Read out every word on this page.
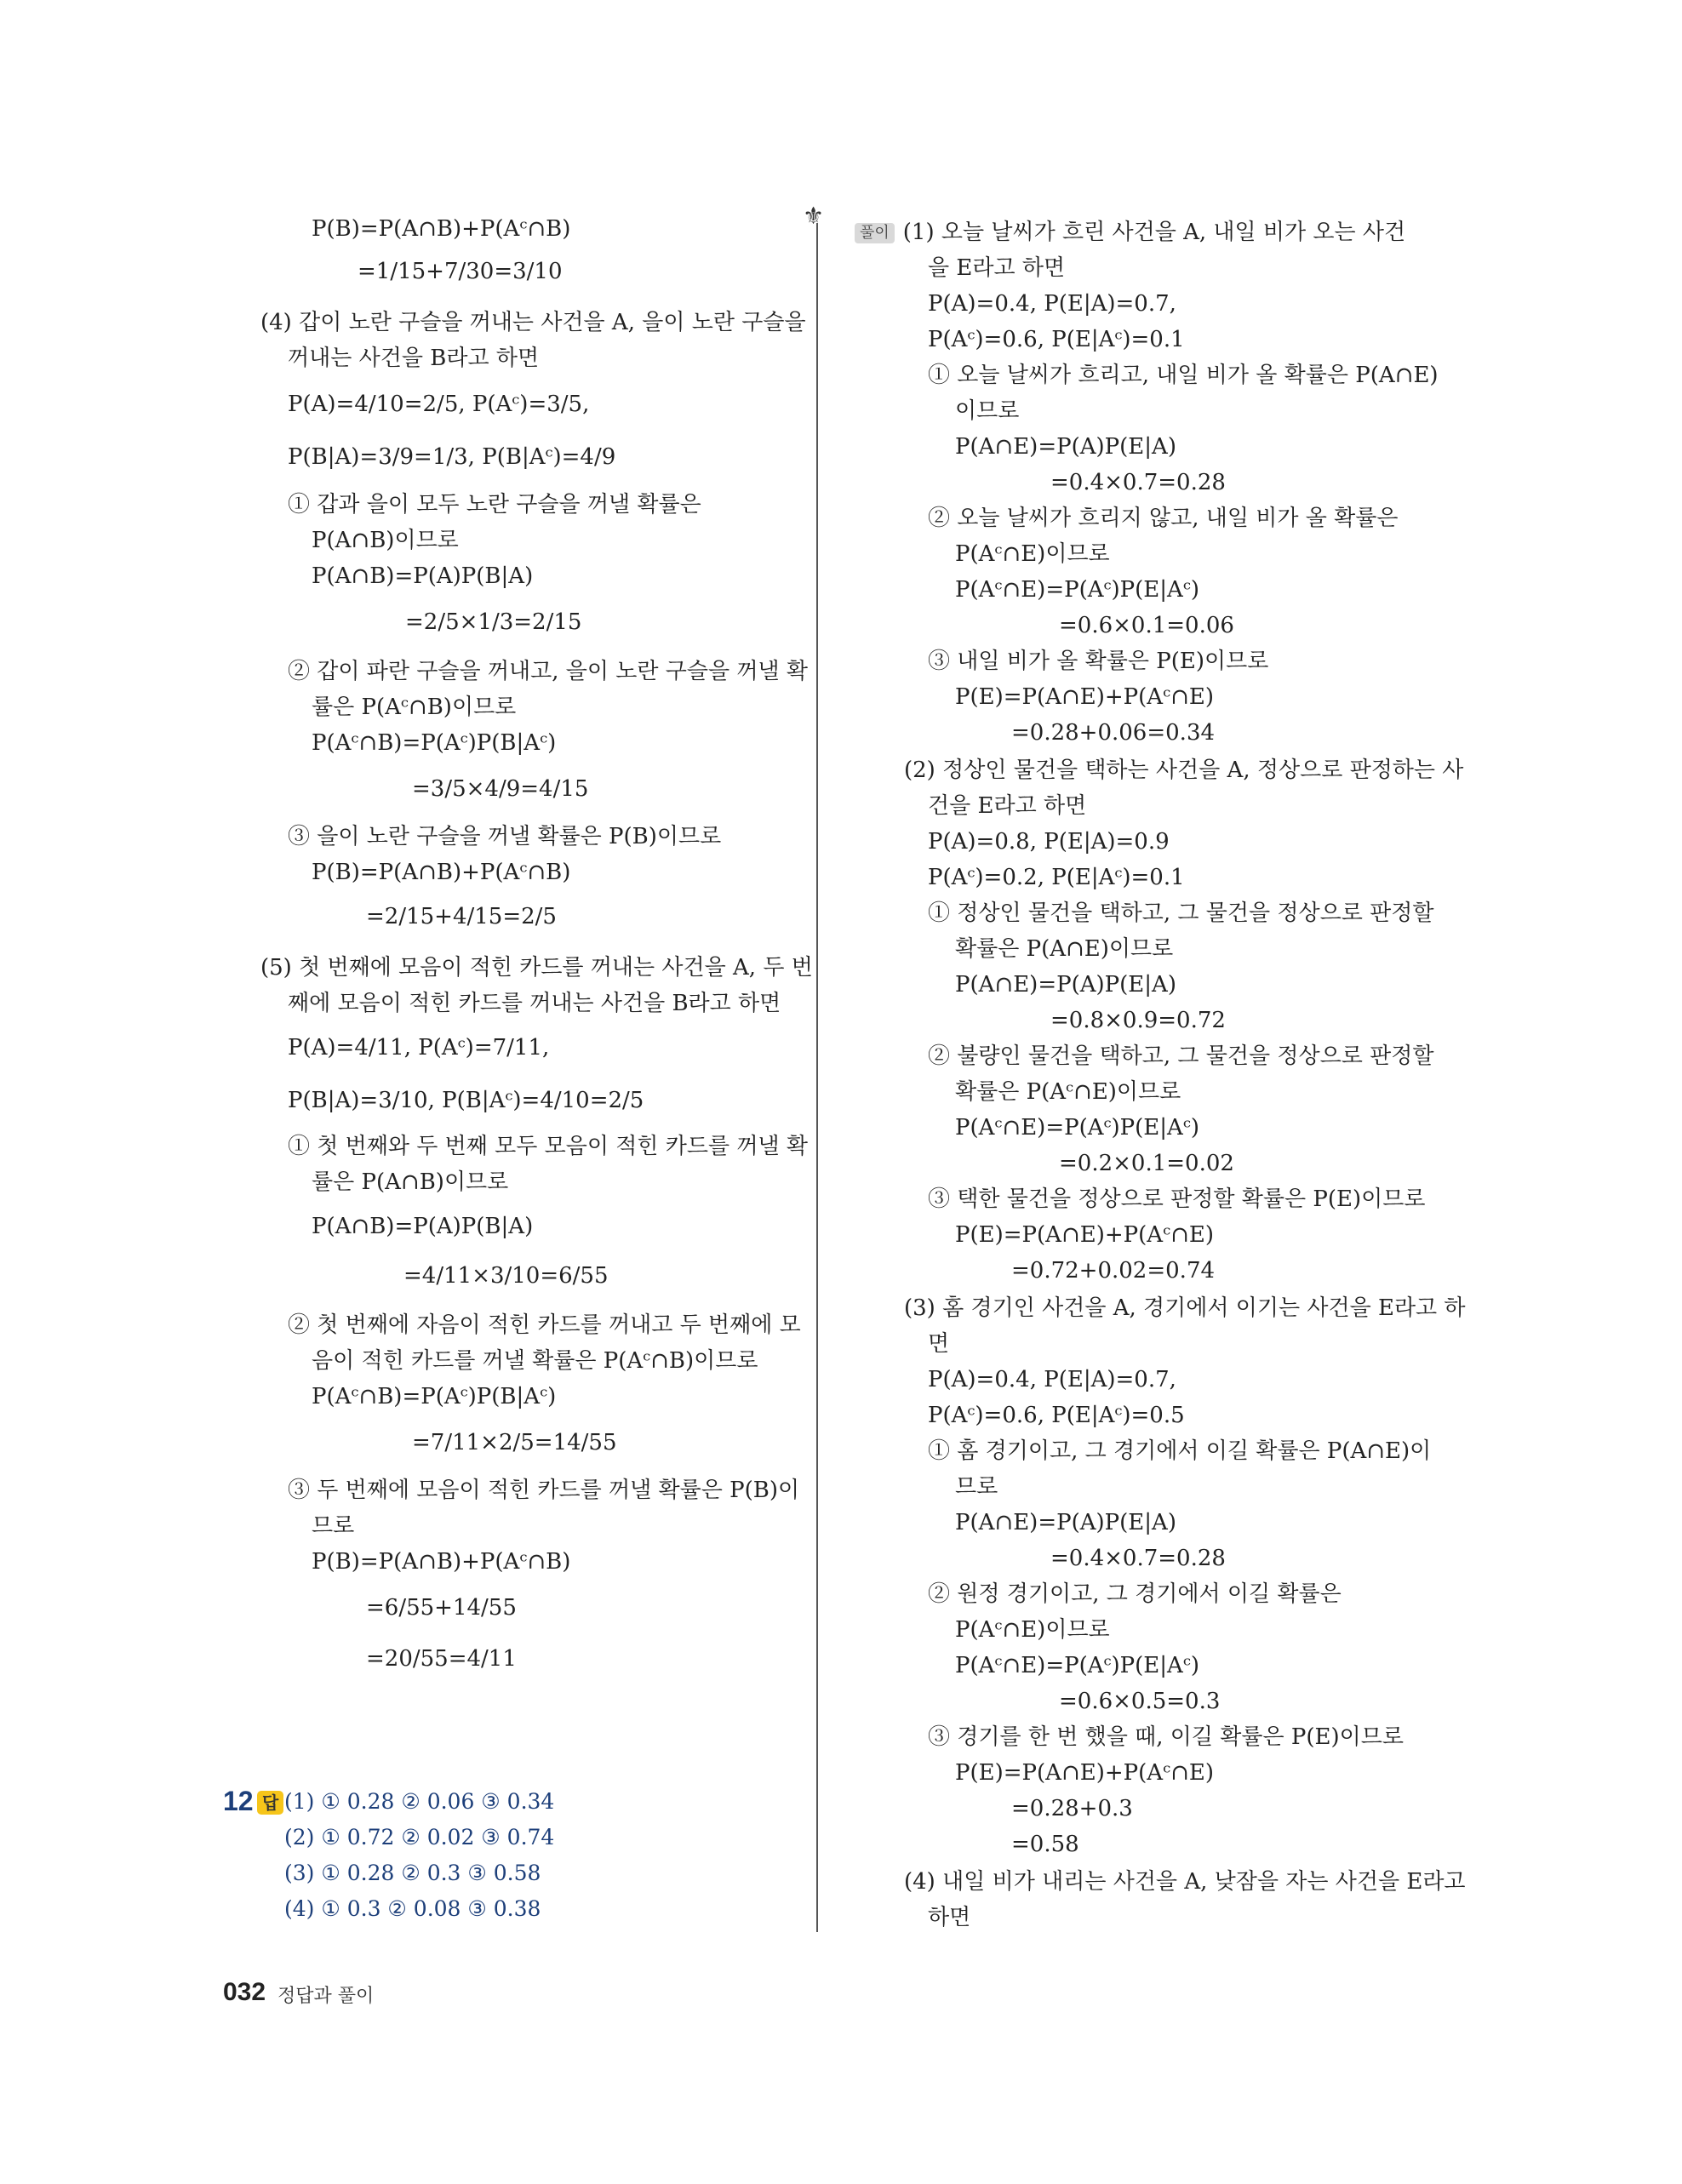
⚜
P(B)=P(A∩B)+P(Aᶜ∩B)
=1/15+7/30=3/10
(4) 갑이 노란 구슬을 꺼내는 사건을 A, 을이 노란 구슬을
꺼내는 사건을 B라고 하면
P(A)=4/10=2/5, P(Aᶜ)=3/5,
P(B|A)=3/9=1/3, P(B|Aᶜ)=4/9
① 갑과 을이 모두 노란 구슬을 꺼낼 확률은
P(A∩B)이므로
P(A∩B)=P(A)P(B|A)
=2/5×1/3=2/15
② 갑이 파란 구슬을 꺼내고, 을이 노란 구슬을 꺼낼 확
률은 P(Aᶜ∩B)이므로
P(Aᶜ∩B)=P(Aᶜ)P(B|Aᶜ)
=3/5×4/9=4/15
③ 을이 노란 구슬을 꺼낼 확률은 P(B)이므로
P(B)=P(A∩B)+P(Aᶜ∩B)
=2/15+4/15=2/5
(5) 첫 번째에 모음이 적힌 카드를 꺼내는 사건을 A, 두 번
째에 모음이 적힌 카드를 꺼내는 사건을 B라고 하면
P(A)=4/11, P(Aᶜ)=7/11,
P(B|A)=3/10, P(B|Aᶜ)=4/10=2/5
① 첫 번째와 두 번째 모두 모음이 적힌 카드를 꺼낼 확
률은 P(A∩B)이므로
P(A∩B)=P(A)P(B|A)
=4/11×3/10=6/55
② 첫 번째에 자음이 적힌 카드를 꺼내고 두 번째에 모
음이 적힌 카드를 꺼낼 확률은 P(Aᶜ∩B)이므로
P(Aᶜ∩B)=P(Aᶜ)P(B|Aᶜ)
=7/11×2/5=14/55
③ 두 번째에 모음이 적힌 카드를 꺼낼 확률은 P(B)이
므로
P(B)=P(A∩B)+P(Aᶜ∩B)
=6/55+14/55
=20/55=4/11
풀이 (1) 오늘 날씨가 흐린 사건을 A, 내일 비가 오는 사건
을 E라고 하면
P(A)=0.4, P(E|A)=0.7,
P(Aᶜ)=0.6, P(E|Aᶜ)=0.1
① 오늘 날씨가 흐리고, 내일 비가 올 확률은 P(A∩E)
이므로
P(A∩E)=P(A)P(E|A)
=0.4×0.7=0.28
② 오늘 날씨가 흐리지 않고, 내일 비가 올 확률은
P(Aᶜ∩E)이므로
P(Aᶜ∩E)=P(Aᶜ)P(E|Aᶜ)
=0.6×0.1=0.06
③ 내일 비가 올 확률은 P(E)이므로
P(E)=P(A∩E)+P(Aᶜ∩E)
=0.28+0.06=0.34
(2) 정상인 물건을 택하는 사건을 A, 정상으로 판정하는 사
건을 E라고 하면
P(A)=0.8, P(E|A)=0.9
P(Aᶜ)=0.2, P(E|Aᶜ)=0.1
① 정상인 물건을 택하고, 그 물건을 정상으로 판정할
확률은 P(A∩E)이므로
P(A∩E)=P(A)P(E|A)
=0.8×0.9=0.72
② 불량인 물건을 택하고, 그 물건을 정상으로 판정할
확률은 P(Aᶜ∩E)이므로
P(Aᶜ∩E)=P(Aᶜ)P(E|Aᶜ)
=0.2×0.1=0.02
③ 택한 물건을 정상으로 판정할 확률은 P(E)이므로
P(E)=P(A∩E)+P(Aᶜ∩E)
=0.72+0.02=0.74
(3) 홈 경기인 사건을 A, 경기에서 이기는 사건을 E라고 하
면
P(A)=0.4, P(E|A)=0.7,
P(Aᶜ)=0.6, P(E|Aᶜ)=0.5
① 홈 경기이고, 그 경기에서 이길 확률은 P(A∩E)이
므로
P(A∩E)=P(A)P(E|A)
=0.4×0.7=0.28
② 원정 경기이고, 그 경기에서 이길 확률은
P(Aᶜ∩E)이므로
P(Aᶜ∩E)=P(Aᶜ)P(E|Aᶜ)
=0.6×0.5=0.3
③ 경기를 한 번 했을 때, 이길 확률은 P(E)이므로
P(E)=P(A∩E)+P(Aᶜ∩E)
=0.28+0.3
=0.58
(4) 내일 비가 내리는 사건을 A, 낮잠을 자는 사건을 E라고
하면
12 답 (1) ① 0.28 ② 0.06 ③ 0.34
(2) ① 0.72 ② 0.02 ③ 0.74
(3) ① 0.28 ② 0.3 ③ 0.58
(4) ① 0.3 ② 0.08 ③ 0.38
032 정답과 풀이
